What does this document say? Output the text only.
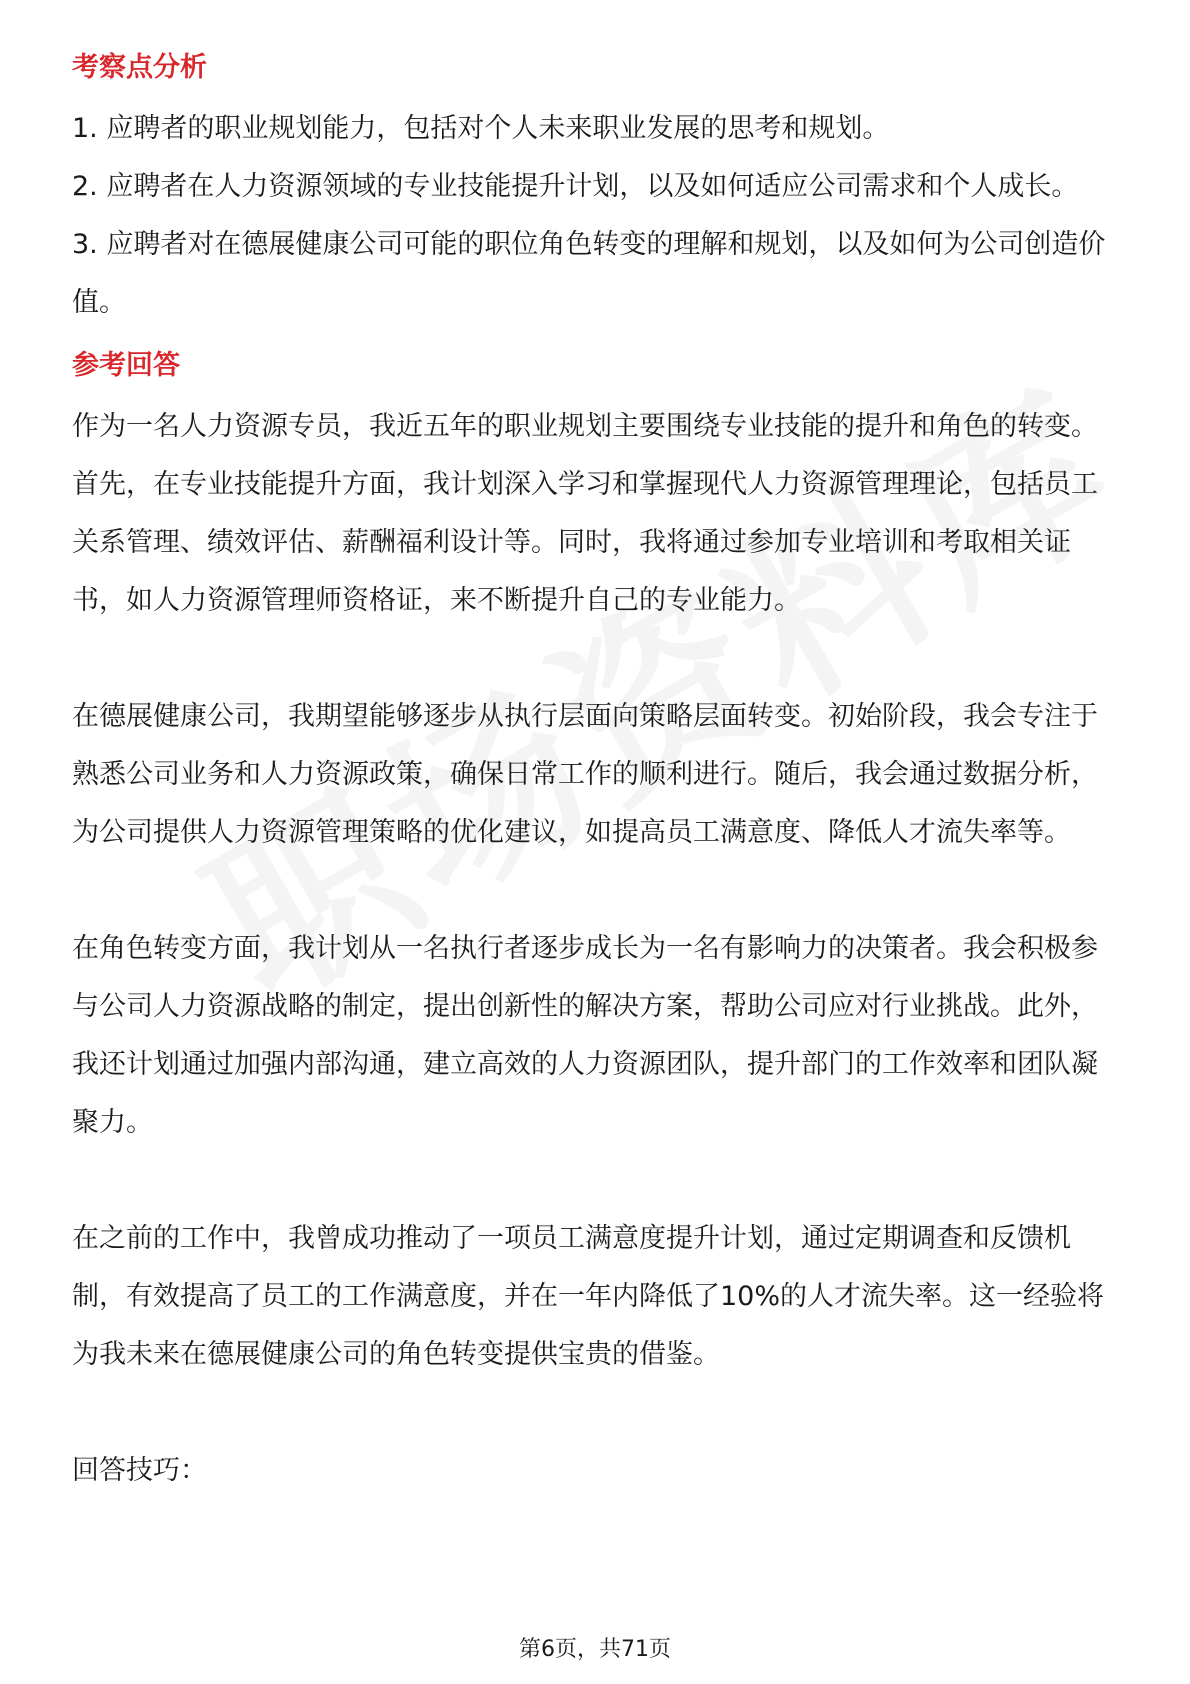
考察点分析

1. 应聘者的职业规划能力，包括对个人未来职业发展的思考和规划。

2. 应聘者在人力资源领域的专业技能提升计划，以及如何适应公司需求和个人成长。

3. 应聘者对在德展健康公司可能的职位角色转变的理解和规划，以及如何为公司创造价值。

参考回答

作为一名人力资源专员，我近五年的职业规划主要围绕专业技能的提升和角色的转变。首先，在专业技能提升方面，我计划深入学习和掌握现代人力资源管理理论，包括员工关系管理、绩效评估、薪酬福利设计等。同时，我将通过参加专业培训和考取相关证书，如人力资源管理师资格证，来不断提升自己的专业能力。

在德展健康公司，我期望能够逐步从执行层面向策略层面转变。初始阶段，我会专注于熟悉公司业务和人力资源政策，确保日常工作的顺利进行。随后，我会通过数据分析，为公司提供人力资源管理策略的优化建议，如提高员工满意度、降低人才流失率等。

在角色转变方面，我计划从一名执行者逐步成长为一名有影响力的决策者。我会积极参与公司人力资源战略的制定，提出创新性的解决方案，帮助公司应对行业挑战。此外，我还计划通过加强内部沟通，建立高效的人力资源团队，提升部门的工作效率和团队凝聚力。

在之前的工作中，我曾成功推动了一项员工满意度提升计划，通过定期调查和反馈机制，有效提高了员工的工作满意度，并在一年内降低了10%的人才流失率。这一经验将为我未来在德展健康公司的角色转变提供宝贵的借鉴。

回答技巧：

第6页，共71页
